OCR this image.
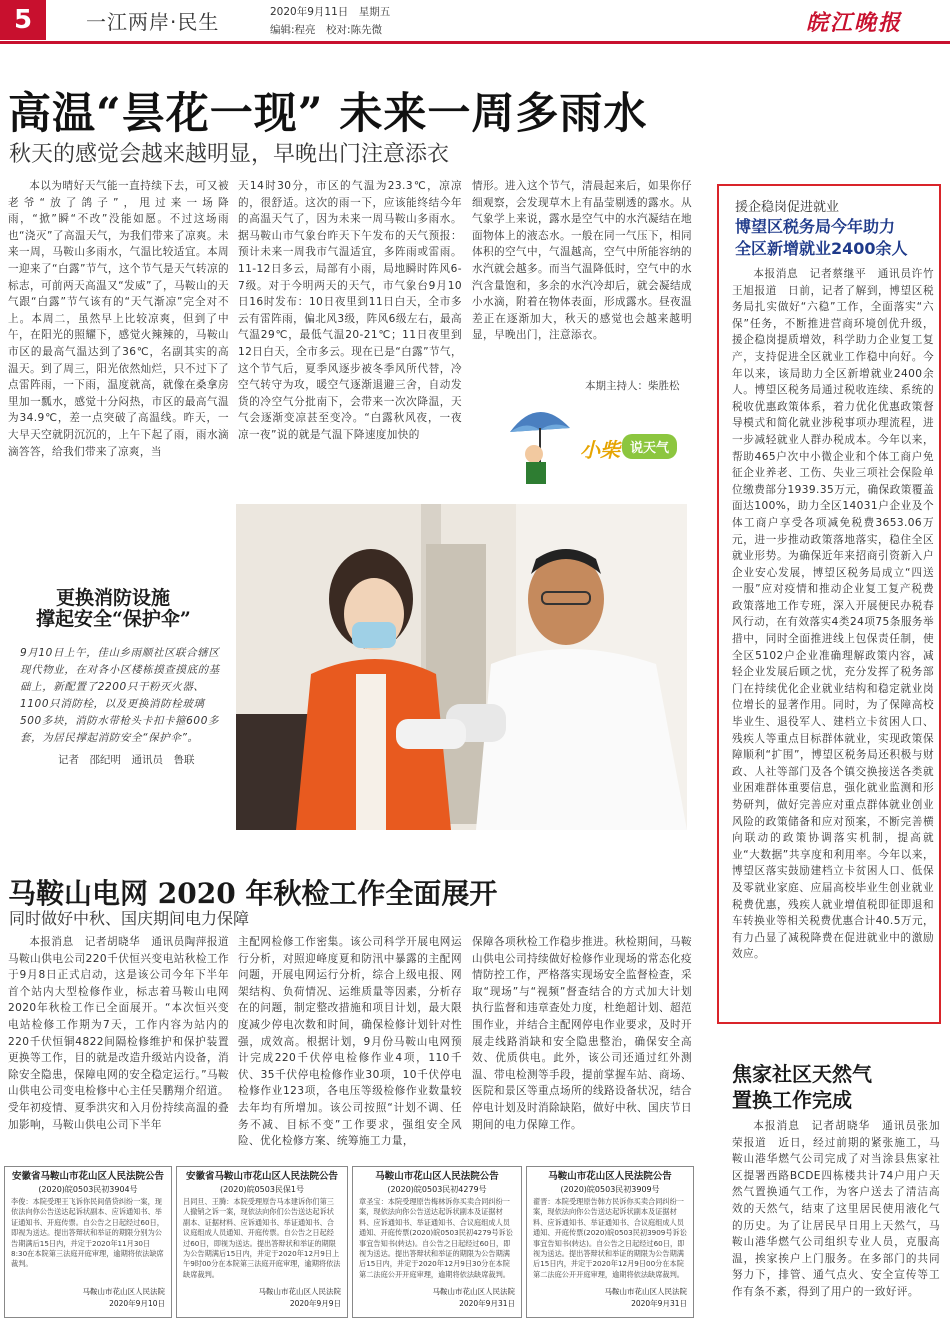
5	一江两岸·民生	2020年9月11日　星期五
编辑:程亮　校对:陈先微	皖江晚报
高温“昙花一现” 未来一周多雨水
秋天的感觉会越来越明显，早晚出门注意添衣

本以为晴好天气能一直持续下去，可又被老爷“放了鸽子”，甩过来一场降雨，“掀”瞬“不改”没能如愿。不过这场雨也“浇灭”了高温天气，为我们带来了凉爽。未来一周，马鞍山多雨水，气温比较适宜。本周一迎来了“白露”节气，这个节气是天气转凉的标志，可前两天高温又“发威”了，马鞍山的天气跟“白露”节气该有的“天气渐凉”完全对不上。本周二，虽然早上比较凉爽，但到了中午，在阳光的照耀下，感觉火辣辣的，马鞍山市区的最高气温达到了36℃，名副其实的高温天。到了周三，阳光依然灿烂，只不过下了点雷阵雨，一下雨，温度就高，就像在桑拿房里加一瓢水，感觉十分闷热，市区的最高气温为34.9℃，差一点突破了高温线。昨天，一大早天空就阴沉沉的，上午下起了雨，雨水滴滴答答，给我们带来了凉爽，当

天14时30分，市区的气温为23.3℃，凉凉的，很舒适。这次的雨一下，应该能终结今年的高温天气了，因为未来一周马鞍山多雨水。据马鞍山市气象台昨天下午发布的天气预报：预计未来一周我市气温适宜，多阵雨或雷雨。11-12日多云，局部有小雨，局地瞬时阵风6-7级。对于今明两天的天气，市气象台9月10日16时发布：10日夜里到11日白天，全市多云有雷阵雨，偏北风3级，阵风6级左右，最高气温29℃，最低气温20-21℃；11日夜里到12日白天，全市多云。现在已是“白露”节气，这个节气后，夏季风逐步被冬季风所代替，冷空气转守为攻，暖空气逐渐退避三舍，自动发货的冷空气分批南下，会带来一次次降温，天气会逐渐变凉甚至变冷。“白露秋风夜，一夜凉一夜”说的就是气温下降速度加快的

情形。进入这个节气，清晨起来后，如果你仔细观察，会发现草木上有晶莹剔透的露水。从气象学上来说，露水是空气中的水汽凝结在地面物体上的液态水。一般在同一气压下，相同体积的空气中，气温越高，空气中所能容纳的水汽就会越多。而当气温降低时，空气中的水汽含量饱和，多余的水汽冷却后，就会凝结成小水滴，附着在物体表面，形成露水。昼夜温差正在逐渐加大，秋天的感觉也会越来越明显，早晚出门，注意添衣。

本期主持人：柴胜松
小柴 说天气
更换消防设施
撑起安全“保护伞”
9月10日上午，佳山乡雨顺社区联合辖区现代物业，在对各小区楼栋摸查摸底的基础上，新配置了2200只干粉灭火器、1100只消防栓，以及更换消防栓玻璃500多块，消防水带枪头卡扣卡箍600多套，为居民撑起消防安全“保护伞”。
记者　邵纪明　通讯员　鲁联
马鞍山电网 2020 年秋检工作全面展开
同时做好中秋、国庆期间电力保障

本报消息　记者胡晓华　通讯员陶萍报道　马鞍山供电公司220千伏恒兴变电站秋检工作于9月8日正式启动，这是该公司今年下半年首个站内大型检修作业，标志着马鞍山电网2020年秋检工作已全面展开。“本次恒兴变电站检修工作期为7天，工作内容为站内的220千伏恒铜4822间隔检修维护和保护装置更换等工作，目的就是改造升级站内设备，消除安全隐患，保障电网的安全稳定运行。”马鞍山供电公司变电检修中心主任吴鹏翔介绍道。受年初疫情、夏季洪灾和入月份持续高温的叠加影响，马鞍山供电公司下半年

主配网检修工作密集。该公司科学开展电网运行分析，对照迎峰度夏和防汛中暴露的主配网问题，开展电网运行分析，综合上级电报、网架结构、负荷情况、运维质量等因素，分析存在的问题，制定整改措施和项目计划，最大限度减少停电次数和时间，确保检修计划针对性强，成效高。根据计划，9月份马鞍山电网预计完成220千伏停电检修作业4项，110千伏、35千伏停电检修作业30项，10千伏停电检修作业123项，各电压等级检修作业数量较去年均有所增加。该公司按照“计划不调、任务不减、目标不变”工作要求，强组安全风险、优化检修方案、统筹施工力量，

保障各项秋检工作稳步推进。秋检期间，马鞍山供电公司持续做好检修作业现场的常态化疫情防控工作，严格落实现场安全监督检查，采取“现场”与“视频”督查结合的方式加大计划执行监督和违章查处力度，杜绝超计划、超范围作业，并结合主配网停电作业要求，及时开展走线路消缺和安全隐患整治，确保安全高效、优质供电。此外，该公司还通过红外测温、带电检测等手段，提前掌握车站、商场、医院和景区等重点场所的线路设备状况，结合停电计划及时消除缺陷，做好中秋、国庆节日期间的电力保障工作。

安徽省马鞍山市花山区人民法院公告
(2020)皖0503民初3904号
李俊：本院受理王飞诉你民间借贷纠纷一案，现依法向你公告送达起诉状副本、应诉通知书、举证通知书、开庭传票。自公告之日起经过60日，即视为送达。提出答辩状和举证的期限分别为公告期满后15日内，并定于2020年11月30日8:30在本院第三法庭开庭审理，逾期将依法缺席裁判。
马鞍山市花山区人民法院
2020年9月10日
安徽省马鞍山市花山区人民法院公告
(2020)皖0503民保1号
吕同旦、王腾：本院受理原告马本建诉你们第三人撤销之诉一案，现依法向你们公告送达起诉状副本、证据材料、应诉通知书、举证通知书、合议庭组成人员通知、开庭传票。自公告之日起经过60日，即视为送达。提出答辩状和举证的期限为公告期满后15日内，并定于2020年12月9日上午9时00分在本院第三法庭开庭审理，逾期将依法缺席裁判。
马鞍山市花山区人民法院
2020年9月9日
马鞍山市花山区人民法院公告
(2020)皖0503民初4279号
章圣宝：本院受理原告梅林诉你买卖合同纠纷一案，现依法向你公告送达起诉状副本及证据材料、应诉通知书、举证通知书、合议庭组成人员通知、开庭传票(2020)皖0503民初4279号诉讼事宜告知书(转达)。自公告之日起经过60日，即视为送达。提出答辩状和举证的期限为公告期满后15日内，并定于2020年12月9日30分在本院第二法庭公开开庭审理，逾期将依法缺席裁判。
马鞍山市花山区人民法院
2020年9月31日
马鞍山市花山区人民法院公告
(2020)皖0503民初3909号
翟晋：本院受理原告韩方民诉你买卖合同纠纷一案，现依法向你公告送达起诉状副本及证据材料、应诉通知书、举证通知书、合议庭组成人员通知、开庭传票(2020)皖0503民初3909号诉讼事宜告知书(转达)。自公告之日起经过60日，即视为送达。提出答辩状和举证的期限为公告期满后15日内，并定于2020年12月9日00分在本院第二法庭公开开庭审理，逾期将依法缺席裁判。
马鞍山市花山区人民法院
2020年9月31日
援企稳岗促进就业
博望区税务局今年助力
全区新增就业2400余人

本报消息　记者蔡继平　通讯员许竹　王旭报道　日前，记者了解到，博望区税务局扎实做好“六稳”工作，全面落实“六保”任务，不断推进营商环境创优升级，援企稳岗提质增效，科学助力企业复工复产，支持促进全区就业工作稳中向好。今年以来，该局助力全区新增就业2400余人。博望区税务局通过税收连续、系统的税收优惠政策体系，着力优化优惠政策督导模式和简化就业涉税事项办理流程，进一步减轻就业人群办税成本。今年以来，帮助465户次中小微企业和个体工商户免征企业养老、工伤、失业三项社会保险单位缴费部分1939.35万元，确保政策覆盖面达100%，助力全区14031户企业及个体工商户享受各项减免税费3653.06万元，进一步推动政策落地落实，稳住全区就业形势。为确保近年来招商引资新入户企业安心发展，博望区税务局成立“四送一服”应对疫情和推动企业复工复产税费政策落地工作专班，深入开展便民办税春风行动，在有效落实4类24项75条服务举措中，同时全面推进线上包保责任制，使全区5102户企业准确理解政策内容，减轻企业发展后顾之忧，充分发挥了税务部门在持续优化企业就业结构和稳定就业岗位增长的显著作用。同时，为了保障高校毕业生、退役军人、建档立卡贫困人口、残疾人等重点目标群体就业，实现政策保障顺利“扩围”，博望区税务局还积极与财政、人社等部门及各个镇交换接送各类就业困难群体重要信息，强化就业监测和形势研判，做好完善应对重点群体就业创业风险的政策储备和应对预案，不断完善横向联动的政策协调落实机制，提高就业“大数据”共享度和利用率。今年以来，博望区落实鼓励建档立卡贫困人口、低保及零就业家庭、应届高校毕业生创业就业税费优惠，残疾人就业增值税即征即退和车转换业等相关税费优惠合计40.5万元，有力凸显了减税降费在促进就业中的激励效应。

焦家社区天然气
置换工作完成

本报消息　记者胡晓华　通讯员张加荣报道　近日，经过前期的紧张施工，马鞍山港华燃气公司完成了对当涂县焦家社区提署西路BCDE四栋楼共计74户用户天然气置换通气工作，为客户送去了清洁高效的天然气，结束了这里居民使用液化气的历史。为了让居民早日用上天然气，马鞍山港华燃气公司组织专业人员，克服高温，挨家挨户上门服务。在多部门的共同努力下，排管、通气点火、安全宣传等工作有条不紊，得到了用户的一致好评。
